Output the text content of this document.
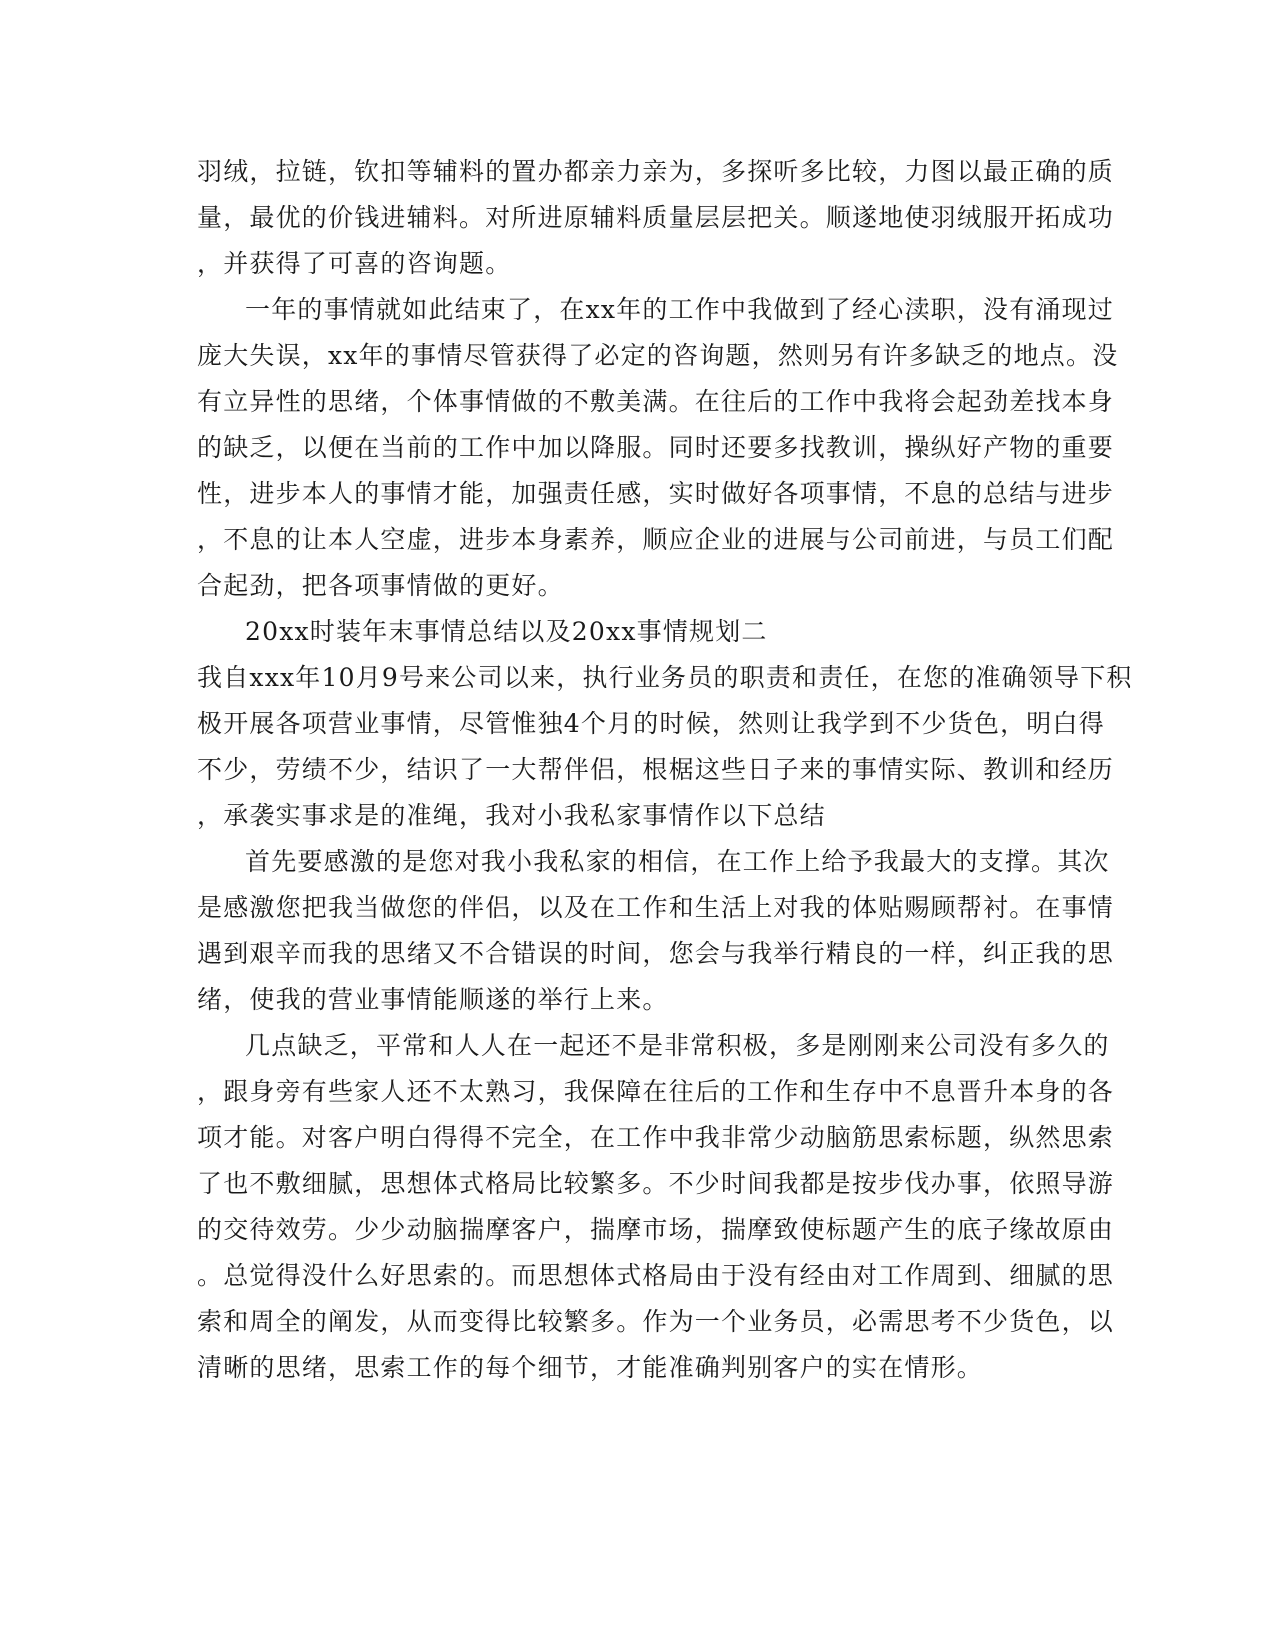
羽绒，拉链，钦扣等辅料的置办都亲力亲为，多探听多比较，力图以最正确的质
量，最优的价钱进辅料。对所进原辅料质量层层把关。顺遂地使羽绒服开拓成功
，并获得了可喜的咨询题。
一年的事情就如此结束了，在xx年的工作中我做到了经心渎职，没有涌现过
庞大失误，xx年的事情尽管获得了必定的咨询题，然则另有许多缺乏的地点。没
有立异性的思绪，个体事情做的不敷美满。在往后的工作中我将会起劲差找本身
的缺乏，以便在当前的工作中加以降服。同时还要多找教训，操纵好产物的重要
性，进步本人的事情才能，加强责任感，实时做好各项事情，不息的总结与进步
，不息的让本人空虚，进步本身素养，顺应企业的进展与公司前进，与员工们配
合起劲，把各项事情做的更好。
20xx时装年末事情总结以及20xx事情规划二
我自xxx年10月9号来公司以来，执行业务员的职责和责任，在您的准确领导下积
极开展各项营业事情，尽管惟独4个月的时候，然则让我学到不少货色，明白得
不少，劳绩不少，结识了一大帮伴侣，根椐这些日子来的事情实际、教训和经历
，承袭实事求是的准绳，我对小我私家事情作以下总结
首先要感激的是您对我小我私家的相信，在工作上给予我最大的支撑。其次
是感激您把我当做您的伴侣，以及在工作和生活上对我的体贴赐顾帮衬。在事情
遇到艰辛而我的思绪又不合错误的时间，您会与我举行精良的一样，纠正我的思
绪，使我的营业事情能顺遂的举行上来。
几点缺乏，平常和人人在一起还不是非常积极，多是刚刚来公司没有多久的
，跟身旁有些家人还不太熟习，我保障在往后的工作和生存中不息晋升本身的各
项才能。对客户明白得得不完全，在工作中我非常少动脑筋思索标题，纵然思索
了也不敷细腻，思想体式格局比较繁多。不少时间我都是按步伐办事，依照导游
的交待效劳。少少动脑揣摩客户，揣摩市场，揣摩致使标题产生的底子缘故原由
。总觉得没什么好思索的。而思想体式格局由于没有经由对工作周到、细腻的思
索和周全的阐发，从而变得比较繁多。作为一个业务员，必需思考不少货色，以
清晰的思绪，思索工作的每个细节，才能准确判别客户的实在情形。
